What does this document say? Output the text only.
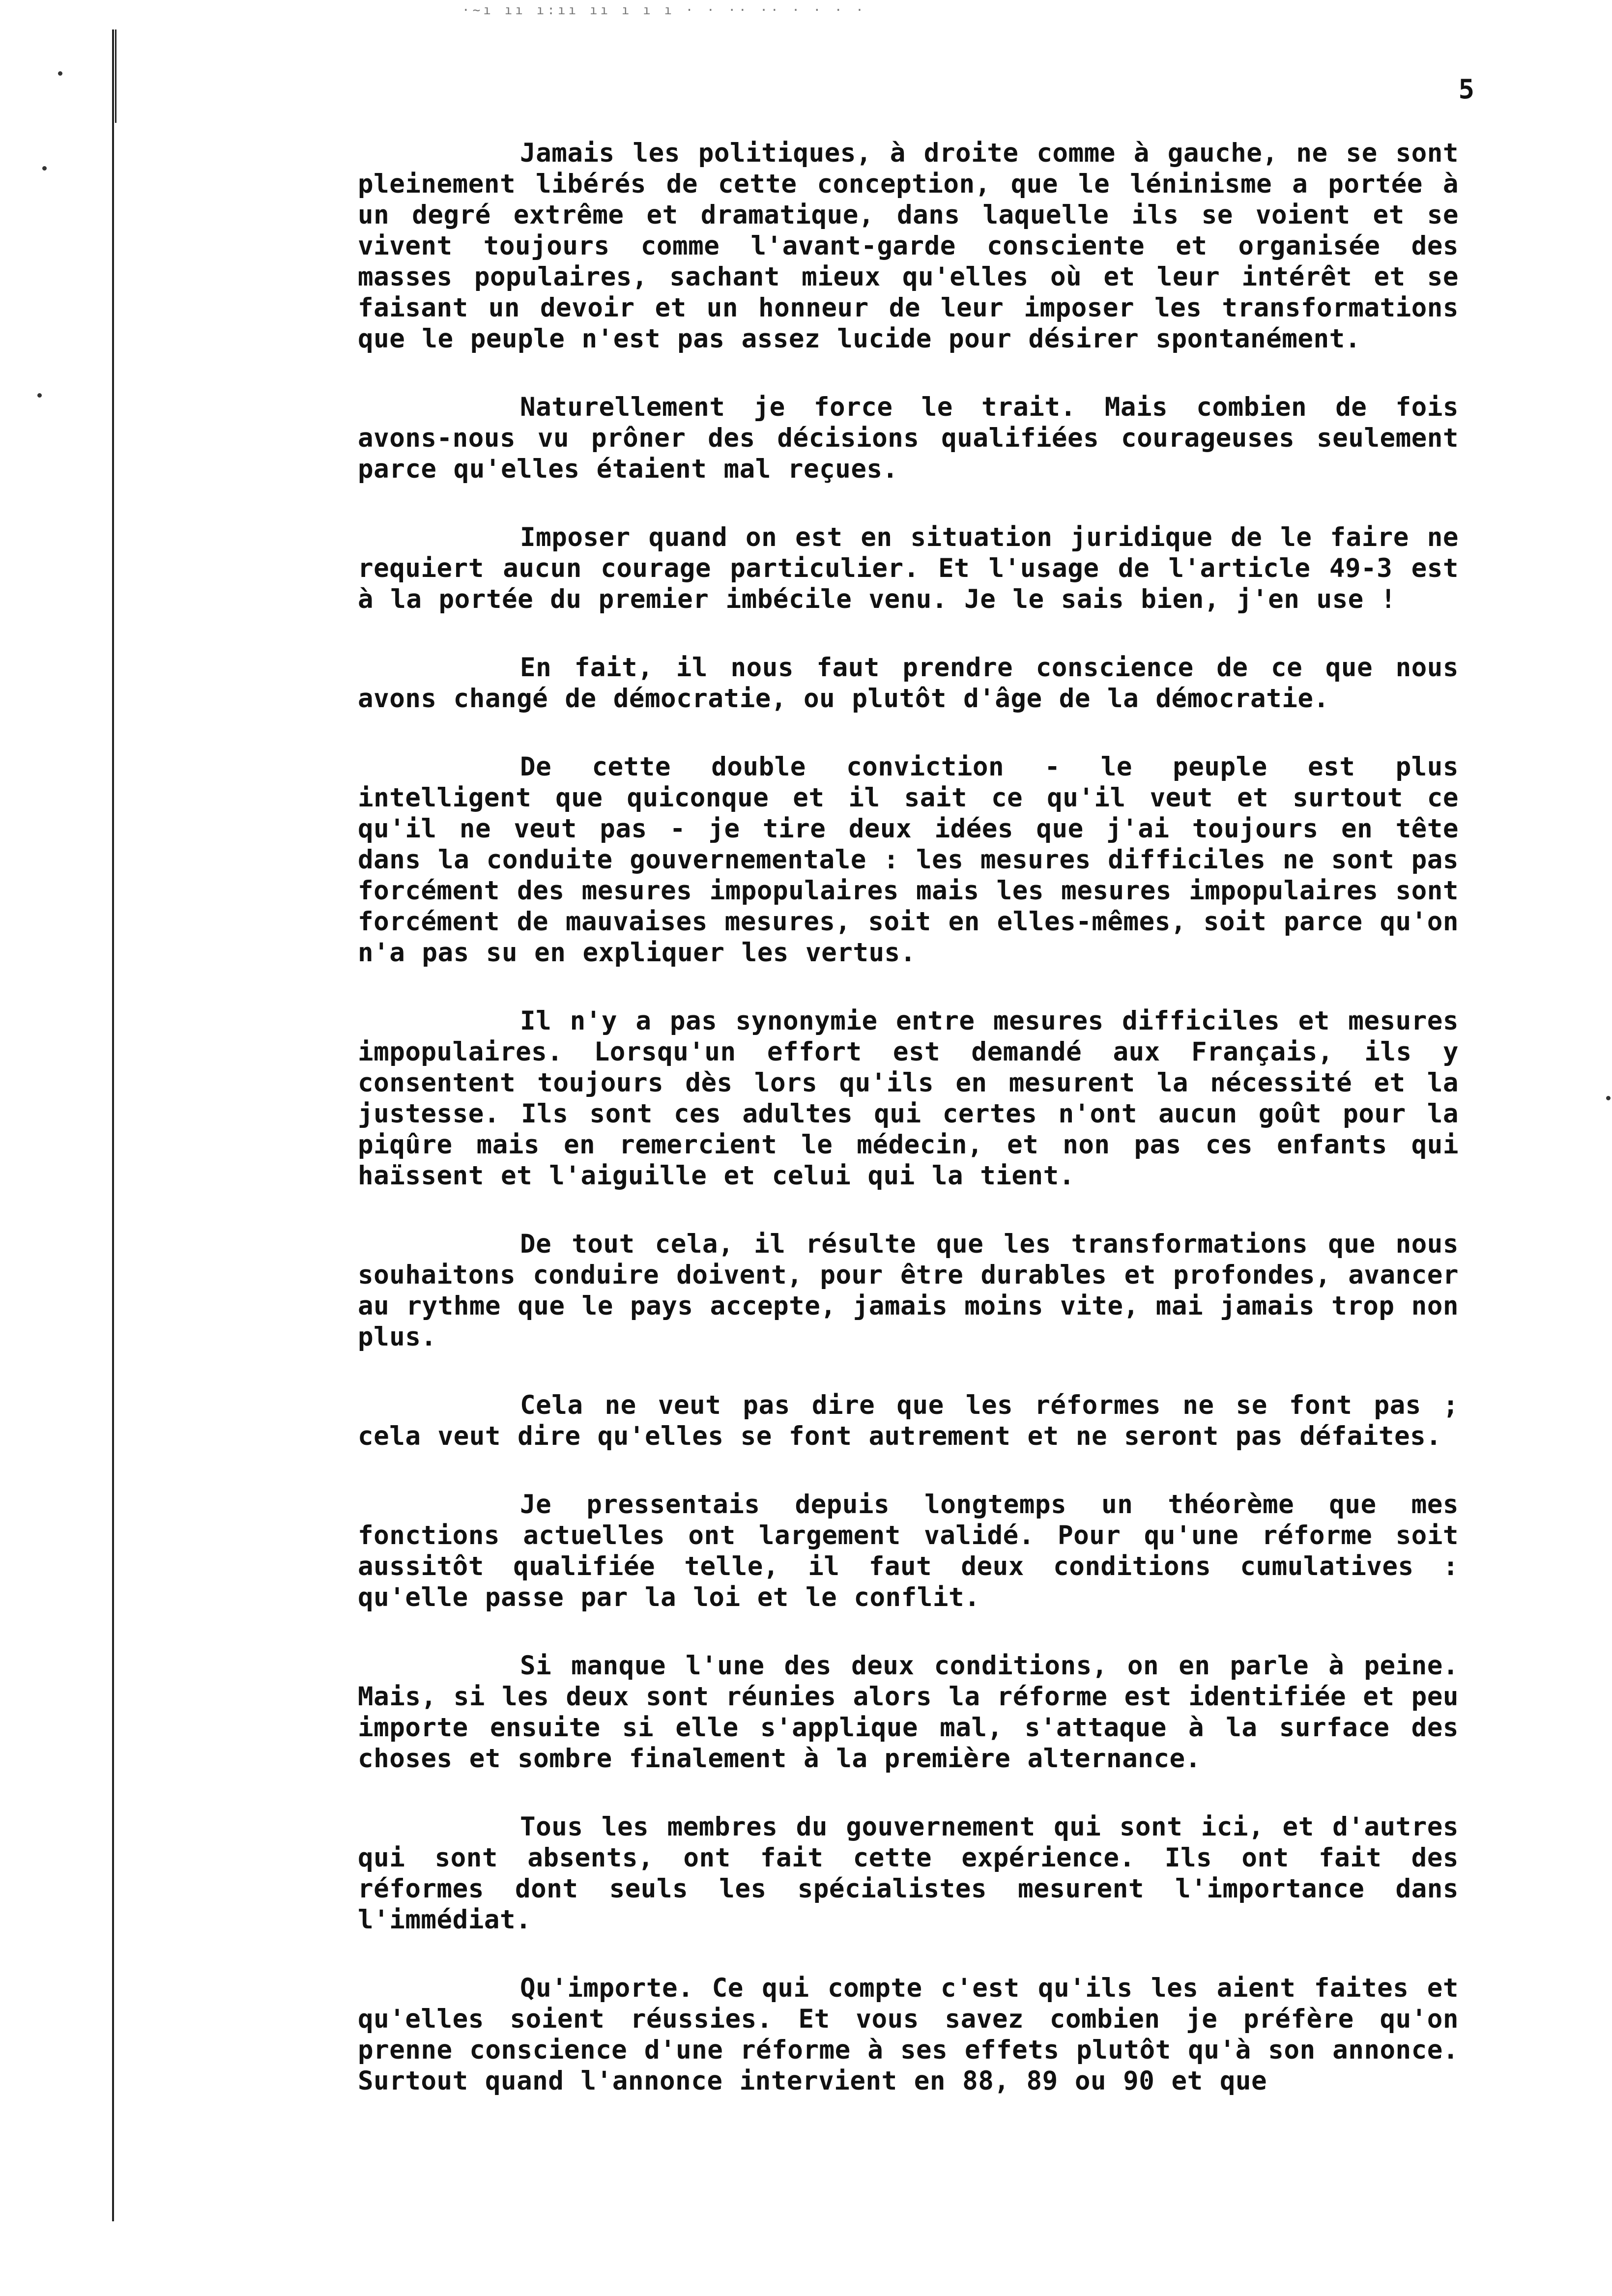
·~ı ıı ı:ıı ıı ı ı ı · · ·· ·· · · · ·
5

Jamais les politiques, à droite comme à gauche, ne se sont pleinement libérés de cette conception, que le léninisme a portée à un degré extrême et dramatique, dans laquelle ils se voient et se vivent toujours comme l'avant-garde consciente et organisée des masses populaires, sachant mieux qu'elles où et leur intérêt et se faisant un devoir et un honneur de leur imposer les transformations que le peuple n'est pas assez lucide pour désirer spontanément.

Naturellement je force le trait. Mais combien de fois avons-nous vu prôner des décisions qualifiées courageuses seulement parce qu'elles étaient mal reçues.

Imposer quand on est en situation juridique de le faire ne requiert aucun courage particulier. Et l'usage de l'article 49-3 est à la portée du premier imbécile venu. Je le sais bien, j'en use !

En fait, il nous faut prendre conscience de ce que nous avons changé de démocratie, ou plutôt d'âge de la démocratie.

De cette double conviction - le peuple est plus intelligent que quiconque et il sait ce qu'il veut et surtout ce qu'il ne veut pas - je tire deux idées que j'ai toujours en tête dans la conduite gouvernementale : les mesures difficiles ne sont pas forcément des mesures impopulaires mais les mesures impopulaires sont forcément de mauvaises mesures, soit en elles-mêmes, soit parce qu'on n'a pas su en expliquer les vertus.

Il n'y a pas synonymie entre mesures difficiles et mesures impopulaires. Lorsqu'un effort est demandé aux Français, ils y consentent toujours dès lors qu'ils en mesurent la nécessité et la justesse. Ils sont ces adultes qui certes n'ont aucun goût pour la piqûre mais en remercient le médecin, et non pas ces enfants qui haïssent et l'aiguille et celui qui la tient.

De tout cela, il résulte que les transformations que nous souhaitons conduire doivent, pour être durables et profondes, avancer au rythme que le pays accepte, jamais moins vite, mai jamais trop non plus.

Cela ne veut pas dire que les réformes ne se font pas ; cela veut dire qu'elles se font autrement et ne seront pas défaites.

Je pressentais depuis longtemps un théorème que mes fonctions actuelles ont largement validé. Pour qu'une réforme soit aussitôt qualifiée telle, il faut deux conditions cumulatives : qu'elle passe par la loi et le conflit.

Si manque l'une des deux conditions, on en parle à peine. Mais, si les deux sont réunies alors la réforme est identifiée et peu importe ensuite si elle s'applique mal, s'attaque à la surface des choses et sombre finalement à la première alternance.

Tous les membres du gouvernement qui sont ici, et d'autres qui sont absents, ont fait cette expérience. Ils ont fait des réformes dont seuls les spécialistes mesurent l'importance dans l'immédiat.

Qu'importe. Ce qui compte c'est qu'ils les aient faites et qu'elles soient réussies. Et vous savez combien je préfère qu'on prenne conscience d'une réforme à ses effets plutôt qu'à son annonce. Surtout quand l'annonce intervient en 88, 89 ou 90 et que
